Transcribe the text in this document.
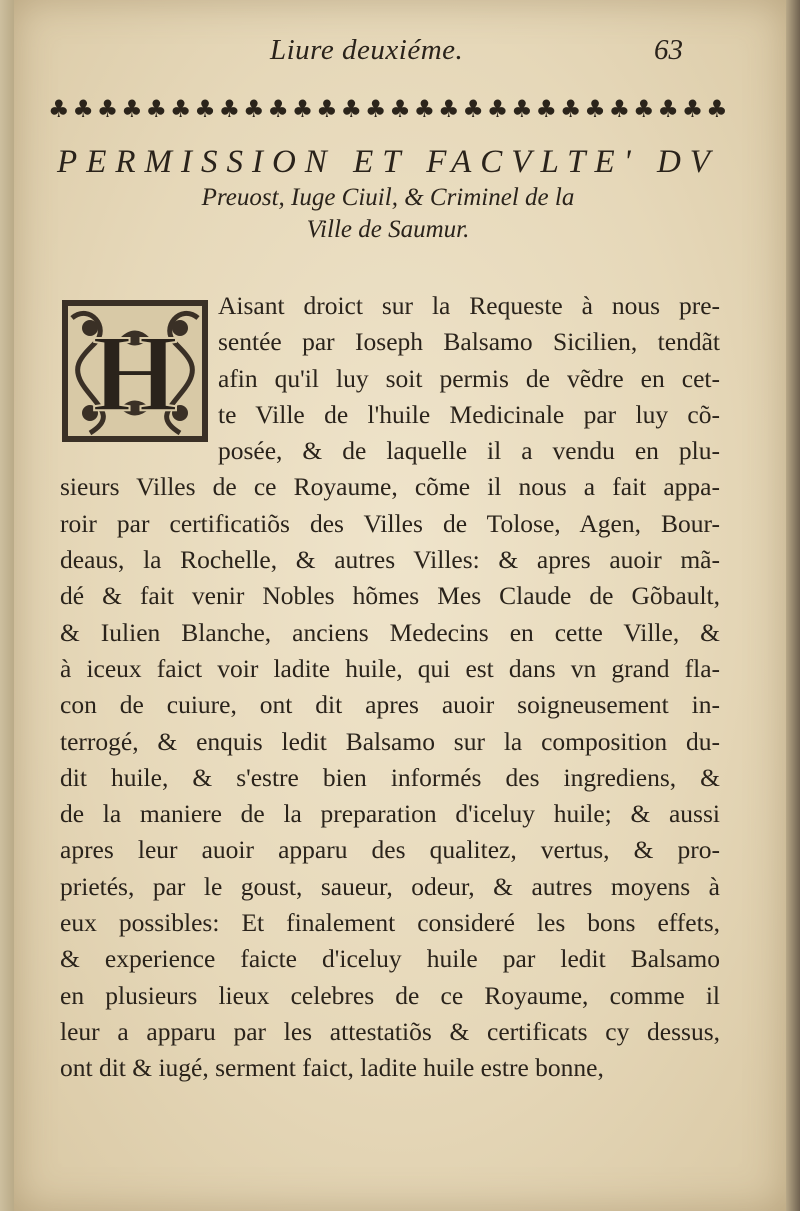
Liure deuxiéme.	63
♣ ♣ ♣ ♣ ♣ ♣ ♣ ♣ ♣ ♣ ♣ ♣ ♣ ♣ ♣ ♣ ♣ ♣ ♣ ♣ ♣ ♣ ♣ ♣ ♣ ♣ ♣ ♣
PERMISSION ET FACVLTE' DV
Preuost, Iuge Ciuil, & Criminel de la
Ville de Saumur.
H
Aisant droict sur la Requeste à nous pre-
sentée par Ioseph Balsamo Sicilien, tendãt
afin qu'il luy soit permis de vẽdre en cet-
te Ville de l'huile Medicinale par luy cõ-
posée, & de laquelle il a vendu en plu-
sieurs Villes de ce Royaume, cõme il nous a fait appa-
roir par certificatiõs des Villes de Tolose, Agen, Bour-
deaus, la Rochelle, & autres Villes: & apres auoir mã-
dé & fait venir Nobles hõmes Mes Claude de Gõbault,
& Iulien Blanche, anciens Medecins en cette Ville, &
à iceux faict voir ladite huile, qui est dans vn grand fla-
con de cuiure, ont dit apres auoir soigneusement in-
terrogé, & enquis ledit Balsamo sur la composition du-
dit huile, & s'estre bien informés des ingrediens, &
de la maniere de la preparation d'iceluy huile; & aussi
apres leur auoir apparu des qualitez, vertus, & pro-
prietés, par le goust, saueur, odeur, & autres moyens à
eux possibles: Et finalement consideré les bons effets,
& experience faicte d'iceluy huile par ledit Balsamo
en plusieurs lieux celebres de ce Royaume, comme il
leur a apparu par les attestatiõs & certificats cy dessus,
ont dit & iugé, serment faict, ladite huile estre bonne,
